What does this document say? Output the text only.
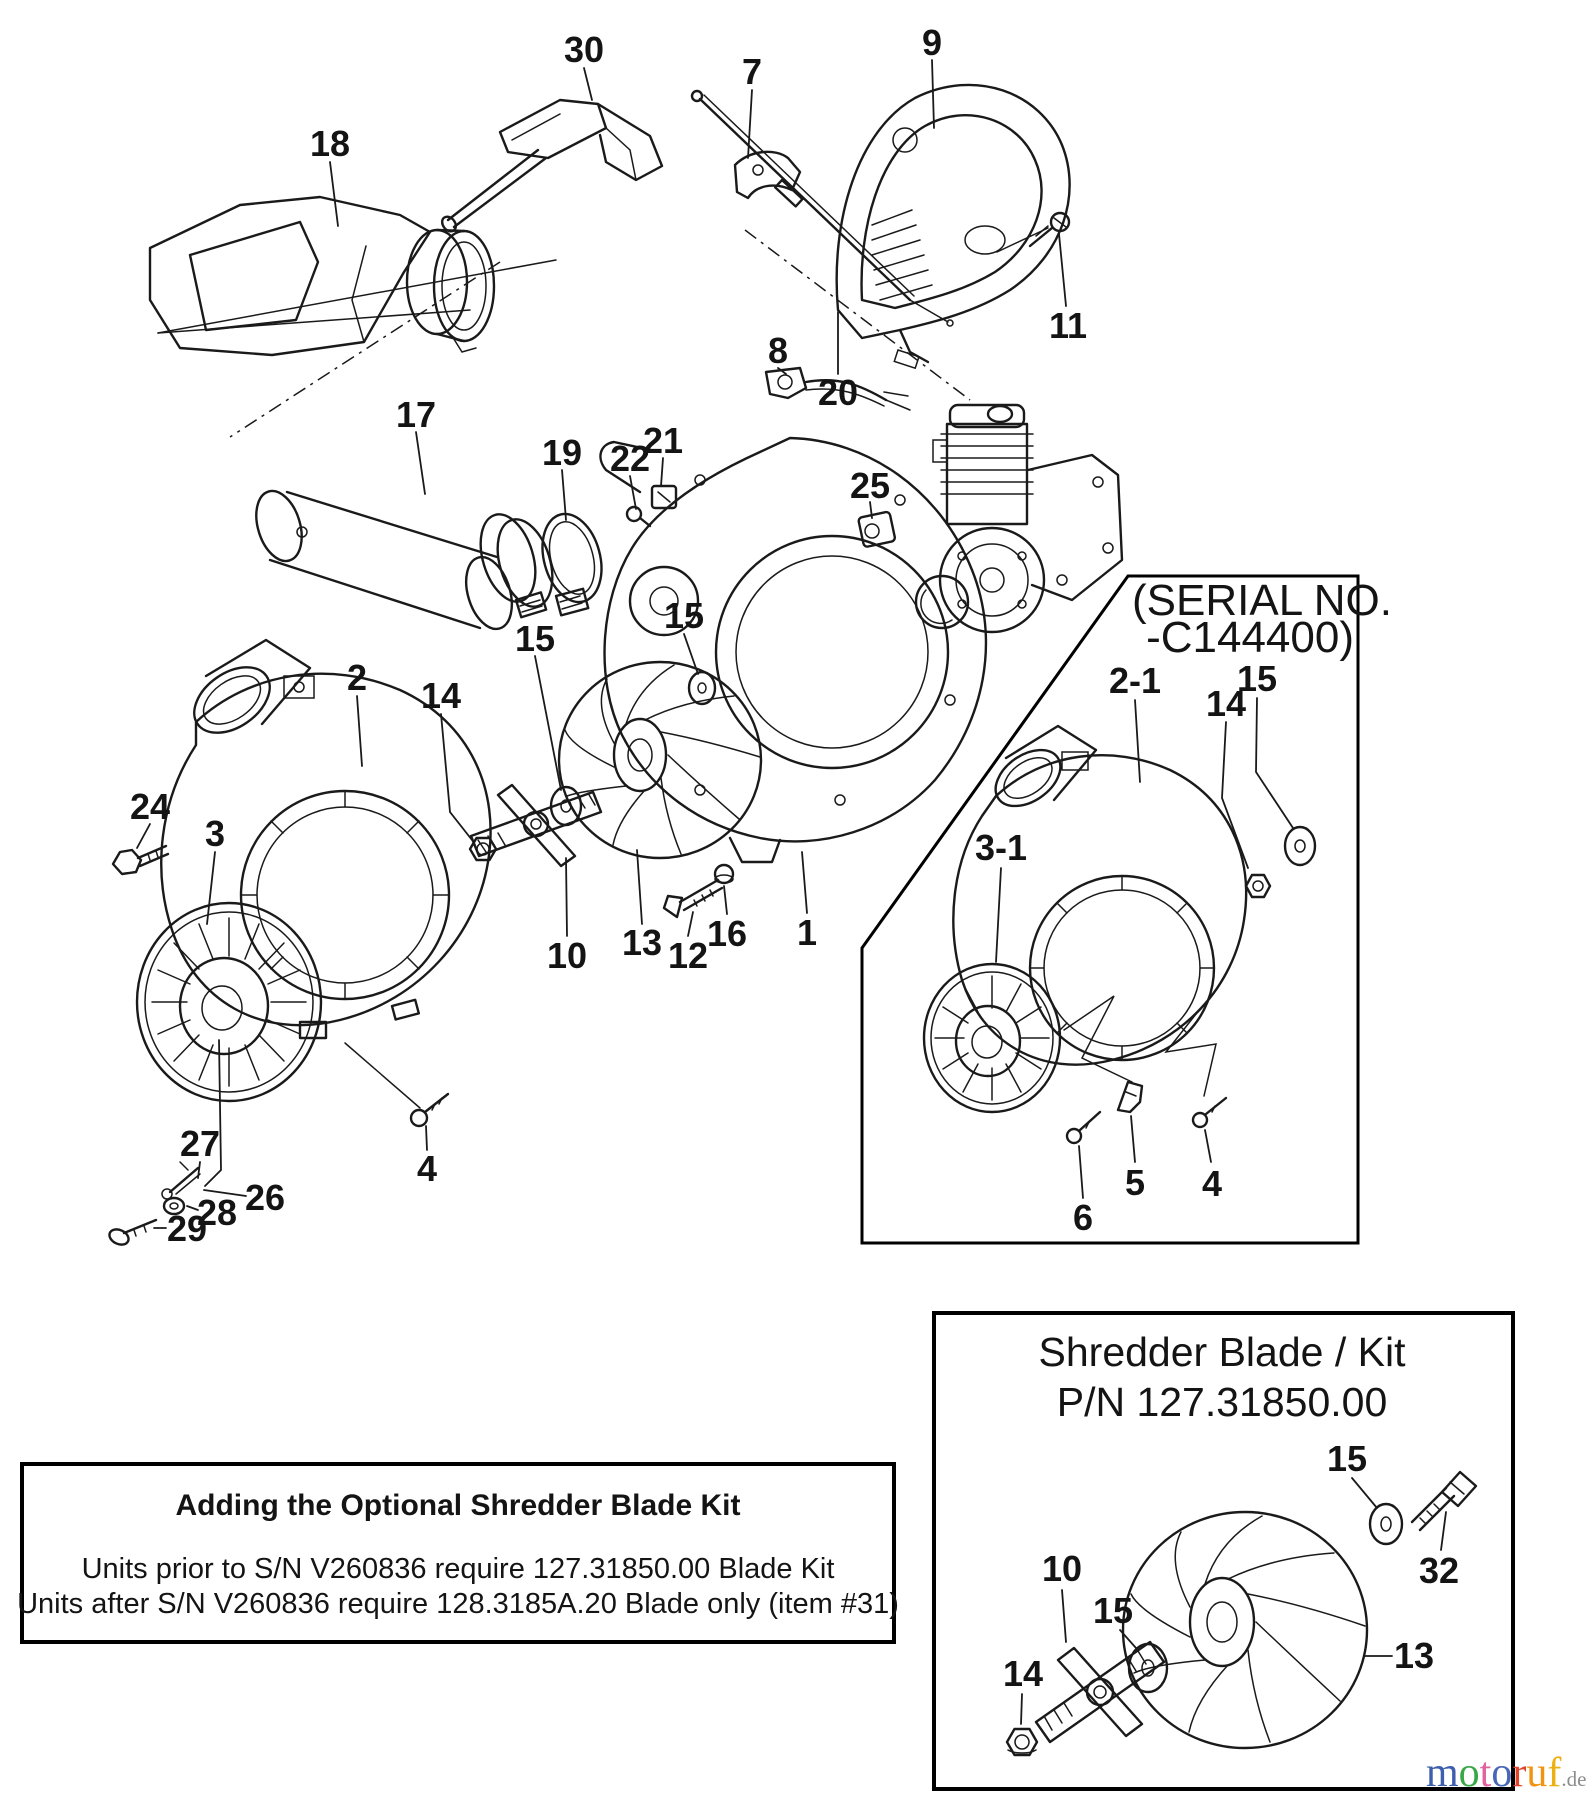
(SERIAL NO.
-C144400)
Shredder Blade / Kit
P/N 127.31850.00
Adding the Optional Shredder Blade Kit
Units prior to S/N V260836 require 127.31850.00 Blade Kit
Units after S/N V260836 require 128.3185A.20 Blade only (item #31)
30
18
7
9
11
8
20
17
19 22
21
25
15
15
2 14
24
3
10 13 12
16 1
27
26
28
29
4
2-1 15
14
3-1
6
5 4
15
32
10
15
14	13
motoruf.de
